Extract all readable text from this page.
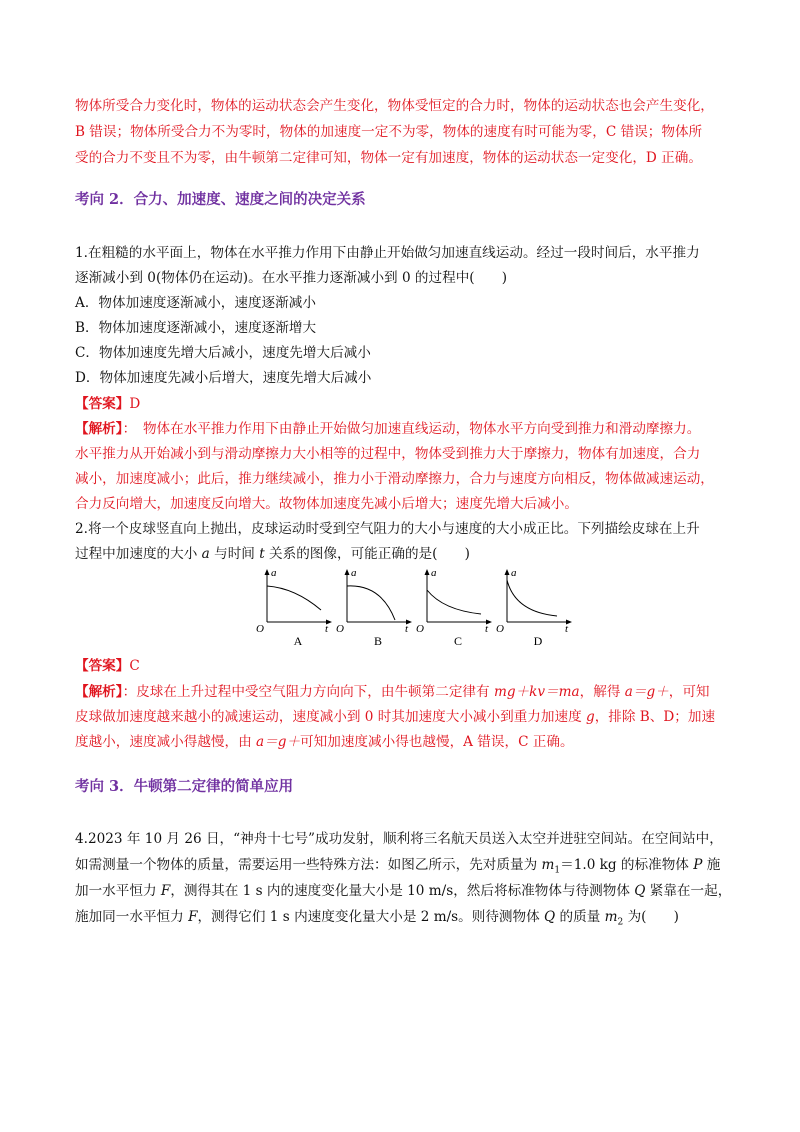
物体所受合力变化时，物体的运动状态会产生变化，物体受恒定的合力时，物体的运动状态也会产生变化，
B 错误；物体所受合力不为零时，物体的加速度一定不为零，物体的速度有时可能为零，C 错误；物体所
受的合力不变且不为零，由牛顿第二定律可知，物体一定有加速度，物体的运动状态一定变化，D 正确。
考向 2．合力、加速度、速度之间的决定关系
1.在粗糙的水平面上，物体在水平推力作用下由静止开始做匀加速直线运动。经过一段时间后，水平推力
逐渐减小到 0(物体仍在运动)。在水平推力逐渐减小到 0 的过程中(　　)
A．物体加速度逐渐减小，速度逐渐减小
B．物体加速度逐渐减小，速度逐渐增大
C．物体加速度先增大后减小，速度先增大后减小
D．物体加速度先减小后增大，速度先增大后减小
【答案】D
【解析】：　物体在水平推力作用下由静止开始做匀加速直线运动，物体水平方向受到推力和滑动摩擦力。
水平推力从开始减小到与滑动摩擦力大小相等的过程中，物体受到推力大于摩擦力，物体有加速度，合力
减小，加速度减小；此后，推力继续减小，推力小于滑动摩擦力，合力与速度方向相反，物体做减速运动，
合力反向增大，加速度反向增大。故物体加速度先减小后增大；速度先增大后减小。
2.将一个皮球竖直向上抛出，皮球运动时受到空气阻力的大小与速度的大小成正比。下列描绘皮球在上升
过程中加速度的大小 a 与时间 t 关系的图像，可能正确的是(　　)
a
t
O
A
a
t
O
B
a
t
O
C
a
t
O
D
【答案】C
【解析】：皮球在上升过程中受空气阻力方向向下，由牛顿第二定律有 mg＋kv＝ma，解得 a＝g＋，可知
皮球做加速度越来越小的减速运动，速度减小到 0 时其加速度大小减小到重力加速度 g，排除 B、D；加速
度越小，速度减小得越慢，由 a＝g＋可知加速度减小得也越慢，A 错误，C 正确。
考向 3．牛顿第二定律的简单应用
4.2023 年 10 月 26 日，“神舟十七号”成功发射，顺利将三名航天员送入太空并进驻空间站。在空间站中，
如需测量一个物体的质量，需要运用一些特殊方法：如图乙所示，先对质量为 $m_1=1.0$ kg 的标准物体 P 施
加一水平恒力 F，测得其在 1 s 内的速度变化量大小是 10 m/s，然后将标准物体与待测物体 Q 紧靠在一起，
施加同一水平恒力 F，测得它们 1 s 内速度变化量大小是 2 m/s。则待测物体 Q 的质量 $m_2$ 为(　　)
